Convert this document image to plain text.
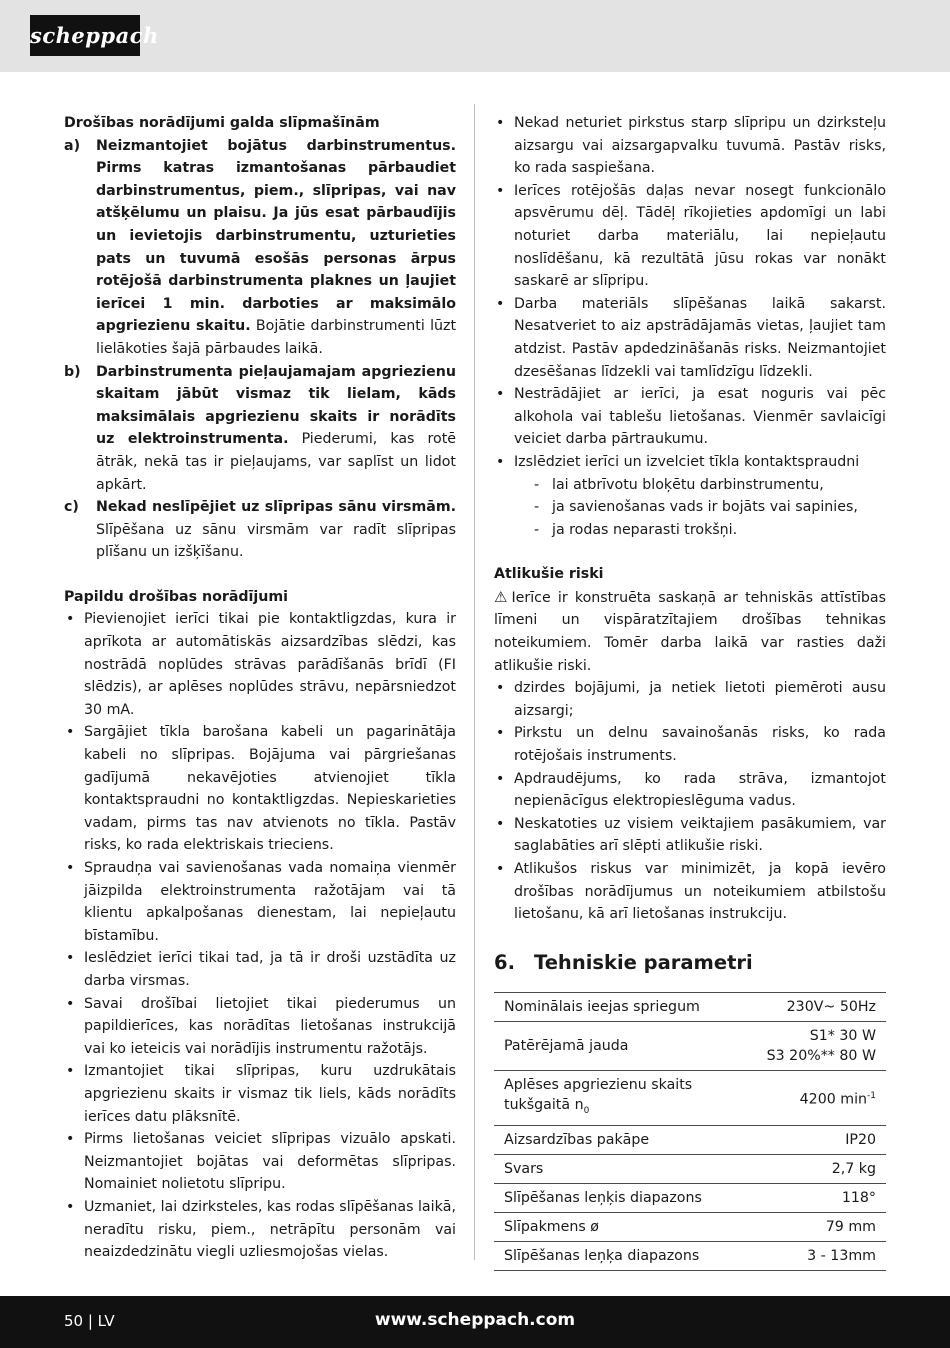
scheppach
Drošības norādījumi galda slīpmašīnām
a)	Neizmantojiet bojātus darbinstrumentus. Pirms katras izmantošanas pārbaudiet darbinstrumentus, piem., slīpripas, vai nav atšķēlumu un plaisu. Ja jūs esat pārbaudījis un ievietojis darbinstrumentu, uzturieties pats un tuvumā esošās personas ārpus rotējošā darbinstrumenta plaknes un ļaujiet ierīcei 1 min. darboties ar maksimālo apgriezienu skaitu. Bojātie darbinstrumenti lūzt lielākoties šajā pārbaudes laikā.
b)	Darbinstrumenta pieļaujamajam apgriezienu skaitam jābūt vismaz tik lielam, kāds maksimālais apgriezienu skaits ir norādīts uz elektroinstrumenta. Piederumi, kas rotē ātrāk, nekā tas ir pieļaujams, var saplīst un lidot apkārt.
c)	Nekad neslīpējiet uz slīpripas sānu virsmām. Slīpēšana uz sānu virsmām var radīt slīpripas plīšanu un izšķīšanu.
Papildu drošības norādījumi
• Pievienojiet ierīci tikai pie kontaktligzdas, kura ir aprīkota ar automātiskās aizsardzības slēdzi, kas nostrādā noplūdes strāvas parādīšanās brīdī (FI slēdzis), ar aplēses noplūdes strāvu, nepārsniedzot 30 mA.
• Sargājiet tīkla barošana kabeli un pagarinātāja kabeli no slīpripas. Bojājuma vai pārgriešanas gadījumā nekavējoties atvienojiet tīkla kontaktspraudni no kontaktligzdas. Nepieskarieties vadam, pirms tas nav atvienots no tīkla. Pastāv risks, ko rada elektriskais trieciens.
• Spraudņa vai savienošanas vada nomaiņa vienmēr jāizpilda elektroinstrumenta ražotājam vai tā klientu apkalpošanas dienestam, lai nepieļautu bīstamību.
• Ieslēdziet ierīci tikai tad, ja tā ir droši uzstādīta uz darba virsmas.
• Savai drošībai lietojiet tikai piederumus un papildierīces, kas norādītas lietošanas instrukcijā vai ko ieteicis vai norādījis instrumentu ražotājs.
• Izmantojiet tikai slīpripas, kuru uzdrukātais apgriezienu skaits ir vismaz tik liels, kāds norādīts ierīces datu plāksnītē.
• Pirms lietošanas veiciet slīpripas vizuālo apskati. Neizmantojiet bojātas vai deformētas slīpripas. Nomainiet nolietotu slīpripu.
• Uzmaniet, lai dzirksteles, kas rodas slīpēšanas laikā, neradītu risku, piem., netrāpītu personām vai neaizdedzinātu viegli uzliesmojošas vielas.
• Nekad neturiet pirkstus starp slīpripu un dzirksteļu aizsargu vai aizsargapvalku tuvumā. Pastāv risks, ko rada saspiešana.
• Ierīces rotējošās daļas nevar nosegt funkcionālo apsvērumu dēļ. Tādēļ rīkojieties apdomīgi un labi noturiet darba materiālu, lai nepieļautu noslīdēšanu, kā rezultātā jūsu rokas var nonākt saskarē ar slīpripu.
• Darba materiāls slīpēšanas laikā sakarst. Nesatveriet to aiz apstrādājamās vietas, ļaujiet tam atdzist. Pastāv apdedzināšanās risks. Neizmantojiet dzesēšanas līdzekli vai tamlīdzīgu līdzekli.
• Nestrādājiet ar ierīci, ja esat noguris vai pēc alkohola vai tablešu lietošanas. Vienmēr savlaicīgi veiciet darba pārtraukumu.
• Izslēdziet ierīci un izvelciet tīkla kontaktspraudni
- lai atbrīvotu bloķētu darbinstrumentu,
- ja savienošanas vads ir bojāts vai sapinies,
- ja rodas neparasti trokšņi.
Atlikušie riski
⚠ Ierīce ir konstruēta saskaņā ar tehniskās attīstības līmeni un vispāratzītajiem drošības tehnikas noteikumiem. Tomēr darba laikā var rasties daži atlikušie riski.
• dzirdes bojājumi, ja netiek lietoti piemēroti ausu aizsargi;
• Pirkstu un delnu savainošanās risks, ko rada rotējošais instruments.
• Apdraudējums, ko rada strāva, izmantojot nepienācīgus elektropieslēguma vadus.
• Neskatoties uz visiem veiktajiem pasākumiem, var saglabāties arī slēpti atlikušie riski.
• Atlikušos riskus var minimizēt, ja kopā ievēro drošības norādījumus un noteikumiem atbilstošu lietošanu, kā arī lietošanas instrukciju.
6. Tehniskie parametri
Nominālais ieejas spriegum	230V~ 50Hz
Patērējamā jauda	S1* 30 W
S3 20%** 80 W

Aplēses apgriezienu skaits
tukšgaitā $n_0$	4200 $\min^{-1}$
Aizsardzības pakāpe	IP20
Svars	2,7 kg
Slīpēšanas leņķis diapazons	118°
Slīpakmens ø	79 mm
Slīpēšanas leņķa diapazons	3 - 13mm
50 | LV	www.scheppach.com
